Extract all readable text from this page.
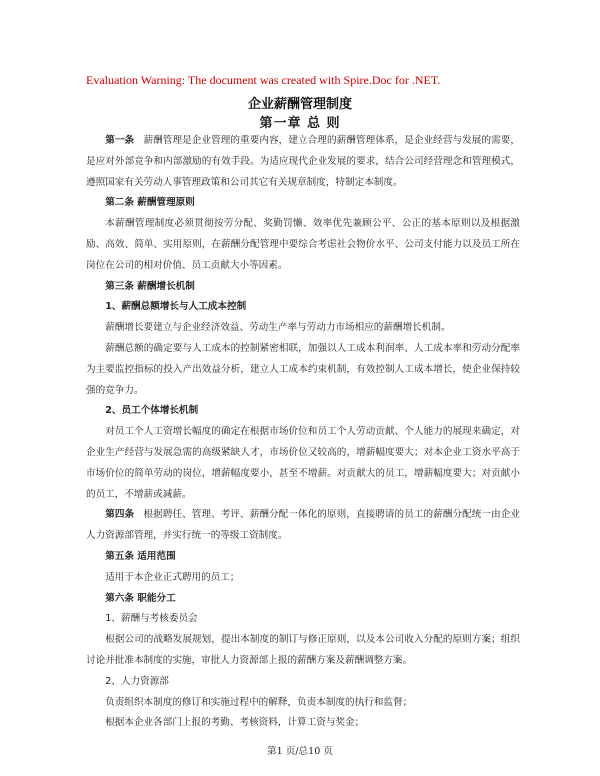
Evaluation Warning: The document was created with Spire.Doc for .NET.
企业薪酬管理制度
第一章 总 则

第一条 薪酬管理是企业管理的重要内容，建立合理的薪酬管理体系，是企业经营与发展的需要，是应对外部竞争和内部激励的有效手段。为适应现代企业发展的要求，结合公司经营理念和管理模式，遵照国家有关劳动人事管理政策和公司其它有关规章制度，特制定本制度。

第二条 薪酬管理原则

本薪酬管理制度必须贯彻按劳分配、奖勤罚懒、效率优先兼顾公平、公正的基本原则以及根据激励、高效、简单、实用原则，在薪酬分配管理中要综合考虑社会物价水平、公司支付能力以及员工所在岗位在公司的相对价值、员工贡献大小等因素。

第三条 薪酬增长机制

1、薪酬总额增长与人工成本控制

薪酬增长要建立与企业经济效益、劳动生产率与劳动力市场相应的薪酬增长机制。

薪酬总额的确定要与人工成本的控制紧密相联，加强以人工成本利润率、人工成本率和劳动分配率为主要监控指标的投入产出效益分析，建立人工成本约束机制，有效控制人工成本增长，使企业保持较强的竞争力。

2、员工个体增长机制

对员工个人工资增长幅度的确定在根据市场价位和员工个人劳动贡献、个人能力的展现来确定，对企业生产经营与发展急需的高级紧缺人才，市场价位又较高的，增薪幅度要大；对本企业工资水平高于市场价位的简单劳动的岗位，增薪幅度要小，甚至不增薪。对贡献大的员工，增薪幅度要大；对贡献小的员工，不增薪或减薪。

第四条 根据聘任、管理、考评、薪酬分配一体化的原则，直接聘请的员工的薪酬分配统一由企业人力资源部管理，并实行统一的等级工资制度。

第五条 适用范围

适用于本企业正式聘用的员工；

第六条 职能分工

1、薪酬与考核委员会

根据公司的战略发展规划，提出本制度的制订与修正原则，以及本公司收入分配的原则方案；组织讨论并批准本制度的实施，审批人力资源部上报的薪酬方案及薪酬调整方案。

2、人力资源部

负责组织本制度的修订和实施过程中的解释，负责本制度的执行和监督；

根据本企业各部门上报的考勤、考核资料，计算工资与奖金；

第1 页/总10 页
